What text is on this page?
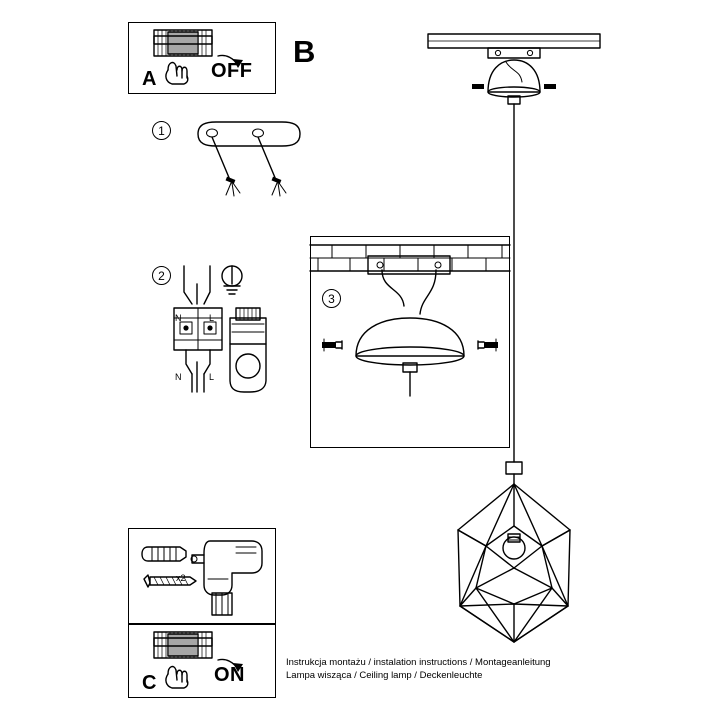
A	OFF
B
1
2
N	L
N	L
3
x2
C	ON
Instrukcja montażu / instalation instructions / Montageanleitung
Lampa wisząca / Ceiling lamp / Deckenleuchte
